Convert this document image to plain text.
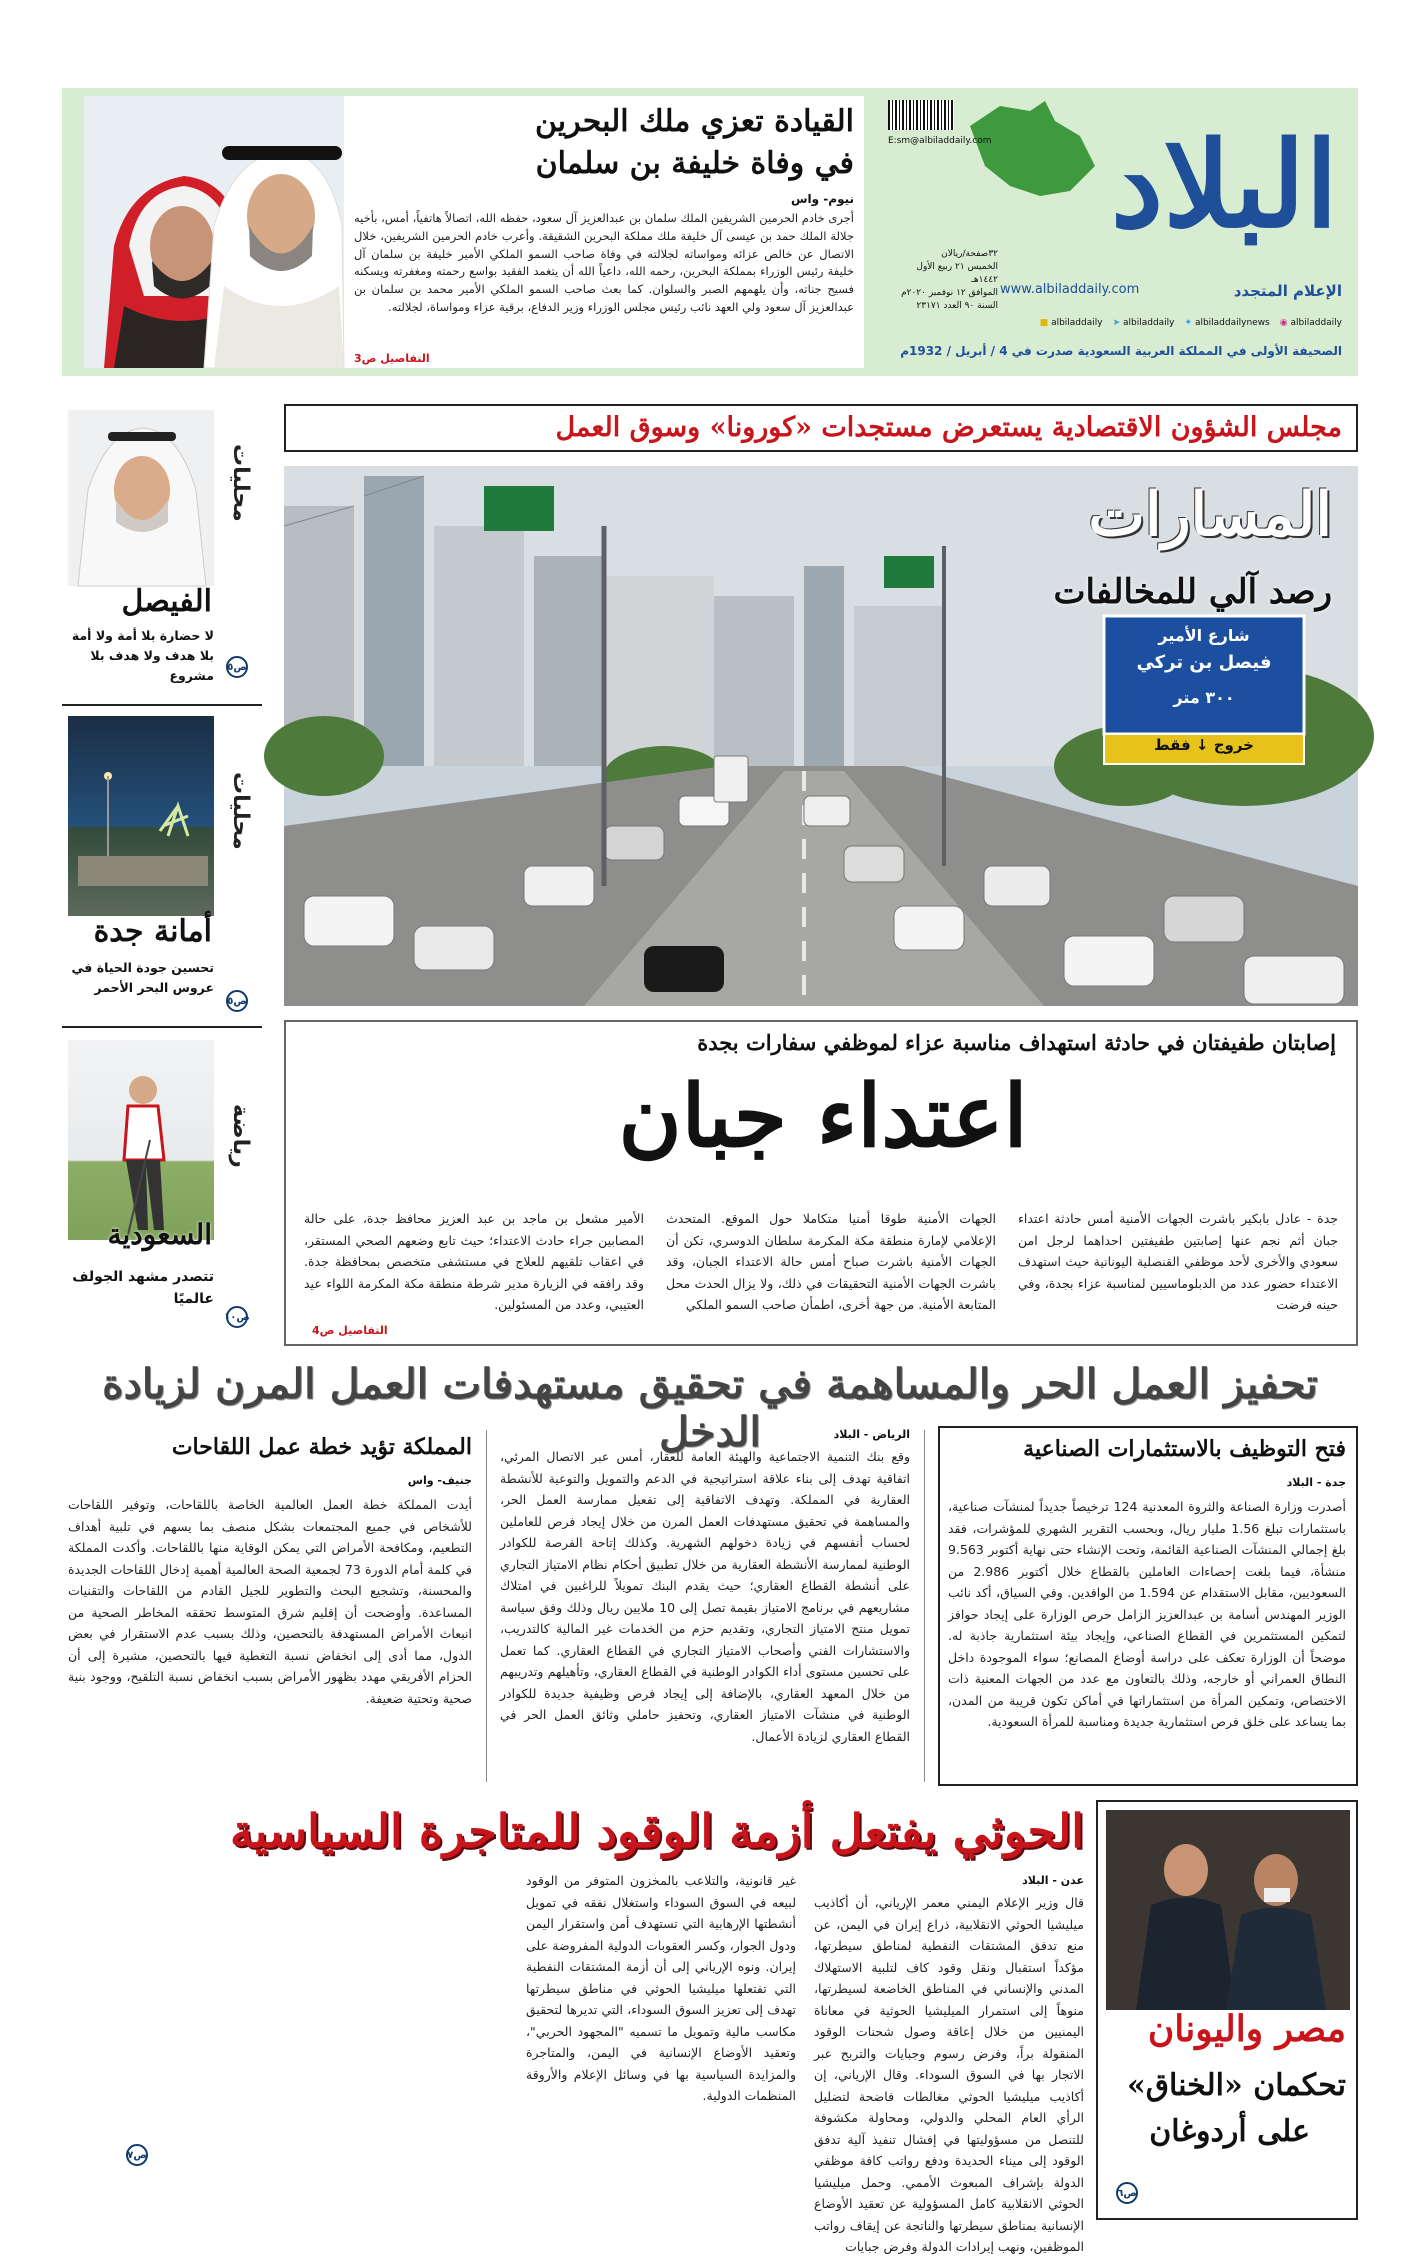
القيادة تعزي ملك البحرين
في وفاة خليفة بن سلمان
نيوم- واس
أجرى خادم الحرمين الشريفين الملك سلمان بن عبدالعزيز آل سعود، حفظه الله، اتصالاً هاتفياً، أمس، بأخيه جلالة الملك حمد بن عيسى آل خليفة ملك مملكة البحرين الشقيقة. وأعرب خادم الحرمين الشريفين، خلال الاتصال عن خالص عزائه ومواساته لجلالته في وفاة صاحب السمو الملكي الأمير خليفة بن سلمان آل خليفة رئيس الوزراء بمملكة البحرين، رحمه الله، داعياً الله أن يتغمد الفقيد بواسع رحمته ومغفرته ويسكنه فسيح جناته، وأن يلهمهم الصبر والسلوان. كما بعث صاحب السمو الملكي الأمير محمد بن سلمان بن عبدالعزيز آل سعود ولي العهد نائب رئيس مجلس الوزراء وزير الدفاع، برقية عزاء ومواساة، لجلالته.
التفاصيل ص3
البلاد
E:sm@albiladdaily.com
الإعلام المتجدد
www.albiladdaily.com
٣٢صفحة/ريالان
الخميس ٢١ ربيع الأول ١٤٤٢هـ
الموافق ١٢ نوفمبر ٢٠٢٠م
السنة ٩٠ العدد ٢٣١٧١
◉ albiladdaily
✦ albiladdailynews
➤ albiladdaily
■ albiladdaily
الصحيفة الأولى في المملكة العربية السعودية صدرت في 4 / أبريل / 1932م
مجلس الشؤون الاقتصادية يستعرض مستجدات «كورونا» وسوق العمل
محليات
الفيصل
لا حضارة بلا أمة ولا أمة بلا هدف ولا هدف بلا مشروع
ص٥
محليات
أمانة جدة
تحسين جودة الحياة في عروس البحر الأحمر
ص٥
رياضة
السعودية
تتصدر مشهد الجولف عالميًا
ص١٠
المسارات
رصد آلي للمخالفات
شارع الأمير
فيصل بن تركي
٣٠٠ متر
خروج ↓ فقط
إصابتان طفيفتان في حادثة استهداف مناسبة عزاء لموظفي سفارات بجدة
اعتداء جبان
جدة - عادل بابكير باشرت الجهات الأمنية أمس حادثة اعتداء جبان أثم نجم عنها إصابتين طفيفتين احداهما لرجل امن سعودي والأخرى لأحد موظفي القنصلية اليونانية حيث استهدف الاعتداء حضور عدد من الدبلوماسيين لمناسبة عزاء بجدة، وفي حينه فرضت
الجهات الأمنية طوقا أمنيا متكاملا حول الموقع. المتحدث الإعلامي لإمارة منطقة مكة المكرمة سلطان الدوسري، تكن أن الجهات الأمنية باشرت صباح أمس حالة الاعتداء الجبان، وقد باشرت الجهات الأمنية التحقيقات في ذلك، ولا يزال الحدث محل المتابعة الأمنية. من جهة أخرى، اطمأن صاحب السمو الملكي
الأمير مشعل بن ماجد بن عبد العزيز محافظ جدة، على حالة المصابين جراء حادث الاعتداء؛ حيث تابع وضعهم الصحي المستقر، في اعقاب تلقيهم للعلاج في مستشفى متخصص بمحافظة جدة. وقد رافقه في الزيارة مدير شرطة منطقة مكة المكرمة اللواء عيد العتيبي، وعدد من المسئولين.
التفاصيل ص4
تحفيز العمل الحر والمساهمة في تحقيق مستهدفات العمل المرن لزيادة الدخل	فتح التوظيف بالاستثمارات الصناعية
جدة - البلاد
أصدرت وزارة الصناعة والثروة المعدنية 124 ترخيصاً جديداً لمنشآت صناعية، باستثمارات تبلغ 1.56 مليار ريال، وبحسب التقرير الشهري للمؤشرات، فقد بلغ إجمالي المنشآت الصناعية القائمة، وتحت الإنشاء حتى نهاية أكتوبر 9.563 منشأة، فيما بلغت إحصاءات العاملين بالقطاع خلال أكتوبر 2.986 من السعوديين، مقابل الاستقدام عن 1.594 من الوافدين. وفي السياق، أكد نائب الوزير المهندس أسامة بن عبدالعزيز الزامل حرص الوزارة على إيجاد حوافز لتمكين المستثمرين في القطاع الصناعي، وإيجاد بيئة استثمارية جاذبة له. موضحاً أن الوزارة تعكف على دراسة أوضاع المصانع؛ سواء الموجودة داخل النطاق العمراني أو خارجه، وذلك بالتعاون مع عدد من الجهات المعنية ذات الاختصاص، وتمكين المرأة من استثماراتها في أماكن تكون قريبة من المدن، بما يساعد على خلق فرص استثمارية جديدة ومناسبة للمرأة السعودية.
الرياض - البلاد
وقع بنك التنمية الاجتماعية والهيئة العامة للعقار، أمس عبر الاتصال المرئي، اتفاقية تهدف إلى بناء علاقة استراتيجية في الدعم والتمويل والتوعية للأنشطة العقارية في المملكة. وتهدف الاتفاقية إلى تفعيل ممارسة العمل الحر، والمساهمة في تحقيق مستهدفات العمل المرن من خلال إيجاد فرص للعاملين لحساب أنفسهم في زيادة دخولهم الشهرية. وكذلك إتاحة الفرصة للكوادر الوطنية لممارسة الأنشطة العقارية من خلال تطبيق أحكام نظام الامتياز التجاري على أنشطة القطاع العقاري؛ حيث يقدم البنك تمويلاً للراغبين في امتلاك مشاريعهم في برنامج الامتياز بقيمة تصل إلى 10 ملايين ريال وذلك وفق سياسة تمويل منتج الامتياز التجاري، وتقديم حزم من الخدمات غير المالية كالتدريب، والاستشارات الفني وأصحاب الامتياز التجاري في القطاع العقاري. كما تعمل على تحسين مستوى أداء الكوادر الوطنية في القطاع العقاري، وتأهيلهم وتدريبهم من خلال المعهد العقاري، بالإضافة إلى إيجاد فرص وظيفية جديدة للكوادر الوطنية في منشآت الامتياز العقاري، وتحفيز حاملي وثائق العمل الحر في القطاع العقاري لزيادة الأعمال.
المملكة تؤيد خطة عمل اللقاحات
جنيف- واس
أيدت المملكة خطة العمل العالمية الخاصة باللقاحات، وتوفير اللقاحات للأشخاص في جميع المجتمعات بشكل منصف بما يسهم في تلبية أهداف التطعيم، ومكافحة الأمراض التي يمكن الوقاية منها باللقاحات. وأكدت المملكة في كلمة أمام الدورة 73 لجمعية الصحة العالمية أهمية إدخال اللقاحات الجديدة والمحسنة، وتشجيع البحث والتطوير للجيل القادم من اللقاحات والتقنيات المساعدة. وأوضحت أن إقليم شرق المتوسط تحققه المخاطر الصحية من انبعاث الأمراض المستهدفة بالتحصين، وذلك بسبب عدم الاستقرار في بعض الدول، مما أدى إلى انخفاض نسبة التغطية فيها بالتحصين، مشيرة إلى أن الحزام الأفريقي مهدد بظهور الأمراض بسبب انخفاض نسبة التلقيح، ووجود بنية صحية وتحتية ضعيفة.
الحوثي يفتعل أزمة الوقود للمتاجرة السياسية
عدن - البلاد
قال وزير الإعلام اليمني معمر الإرياني، أن أكاذيب ميليشيا الحوثي الانقلابية، ذراع إيران في اليمن، عن منع تدفق المشتقات النفطية لمناطق سيطرتها، مؤكداً استقبال ونقل وقود كاف لتلبية الاستهلاك المدني والإنساني في المناطق الخاضعة لسيطرتها، منوهاً إلى استمرار الميليشيا الحوثية في معاناة اليمنيين من خلال إعاقة وصول شحنات الوقود المنقولة براً، وفرض رسوم وجبايات والتربح عبر الاتجار بها في السوق السوداء. وقال الإرياني، إن أكاذيب ميليشيا الحوثي مغالطات فاضحة لتضليل الرأي العام المحلي والدولي، ومحاولة مكشوفة للتنصل من مسؤوليتها في إفشال تنفيذ آلية تدفق الوقود إلى ميناء الحديدة ودفع رواتب كافة موظفي الدولة بإشراف المبعوث الأممي. وحمل ميليشيا الحوثي الانقلابية كامل المسؤولية عن تعقيد الأوضاع الإنسانية بمناطق سيطرتها والناتجة عن إيقاف رواتب الموظفين، ونهب إيرادات الدولة وفرض جبايات
غير قانونية، والتلاعب بالمخزون المتوفر من الوقود لبيعه في السوق السوداء واستغلال نفقه في تمويل أنشطتها الإرهابية التي تستهدف أمن واستقرار اليمن ودول الجوار، وكسر العقوبات الدولية المفروضة على إيران. ونوه الإرياني إلى أن أزمة المشتقات النفطية التي تفتعلها ميليشيا الحوثي في مناطق سيطرتها تهدف إلى تعزيز السوق السوداء، التي تديرها لتحقيق مكاسب مالية وتمويل ما تسميه "المجهود الحربي"، وتعقيد الأوضاع الإنسانية في اليمن، والمتاجرة والمزايدة السياسية بها في وسائل الإعلام والأروقة المنظمات الدولية.
ص٧
مصر واليونان
تحكمان «الخناق»
على أردوغان
ص٦
